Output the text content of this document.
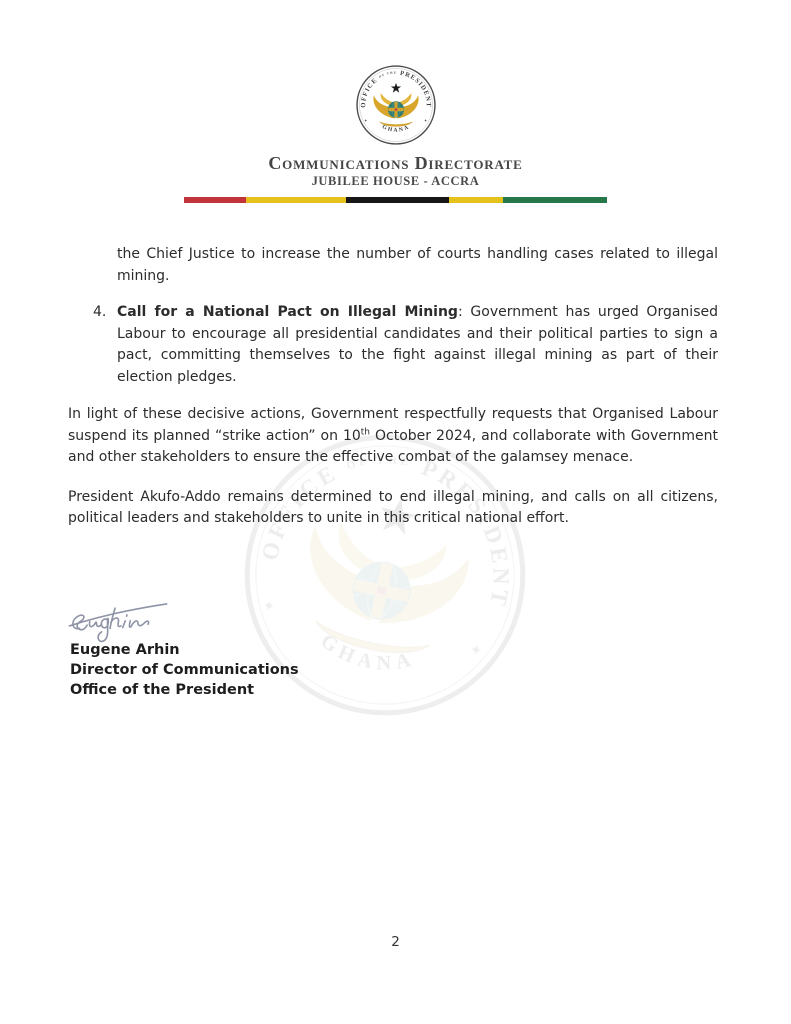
Communications Directorate
JUBILEE HOUSE - ACCRA

the Chief Justice to increase the number of courts handling cases related to illegal mining.

4. Call for a National Pact on Illegal Mining: Government has urged Organised Labour to encourage all presidential candidates and their political parties to sign a pact, committing themselves to the fight against illegal mining as part of their election pledges.

In light of these decisive actions, Government respectfully requests that Organised Labour suspend its planned “strike action” on 10th October 2024, and collaborate with Government and other stakeholders to ensure the effective combat of the galamsey menace.

President Akufo-Addo remains determined to end illegal mining, and calls on all citizens, political leaders and stakeholders to unite in this critical national effort.

Eugene Arhin
Director of Communications
Office of the President
2
